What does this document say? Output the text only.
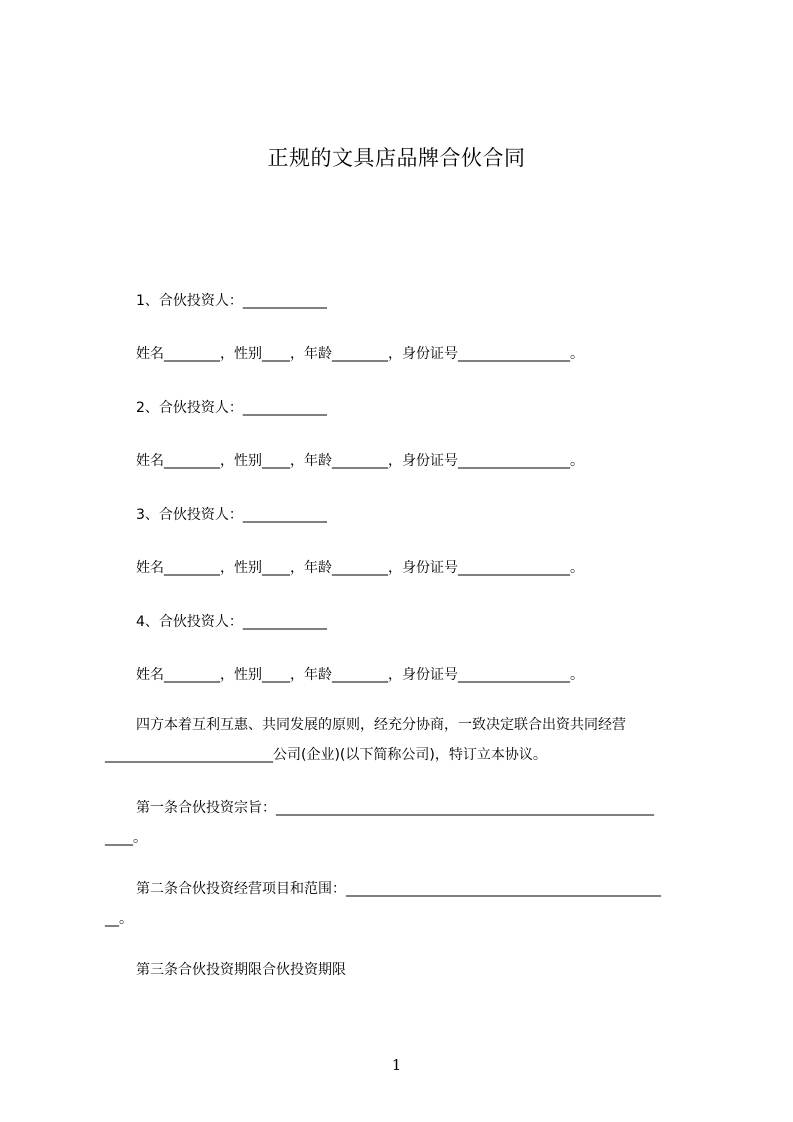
正规的文具店品牌合伙合同
1、合伙投资人：____________
姓名________，性别____，年龄________，身份证号________________。
2、合伙投资人：____________
姓名________，性别____，年龄________，身份证号________________。
3、合伙投资人：____________
姓名________，性别____，年龄________，身份证号________________。
4、合伙投资人：____________
姓名________，性别____，年龄________，身份证号________________。
四方本着互利互惠、共同发展的原则，经充分协商，一致决定联合出资共同经营
________________________公司(企业)(以下简称公司)，特订立本协议。
第一条合伙投资宗旨：______________________________________________________
____。
第二条合伙投资经营项目和范围：_____________________________________________
__。
第三条合伙投资期限合伙投资期限
1
